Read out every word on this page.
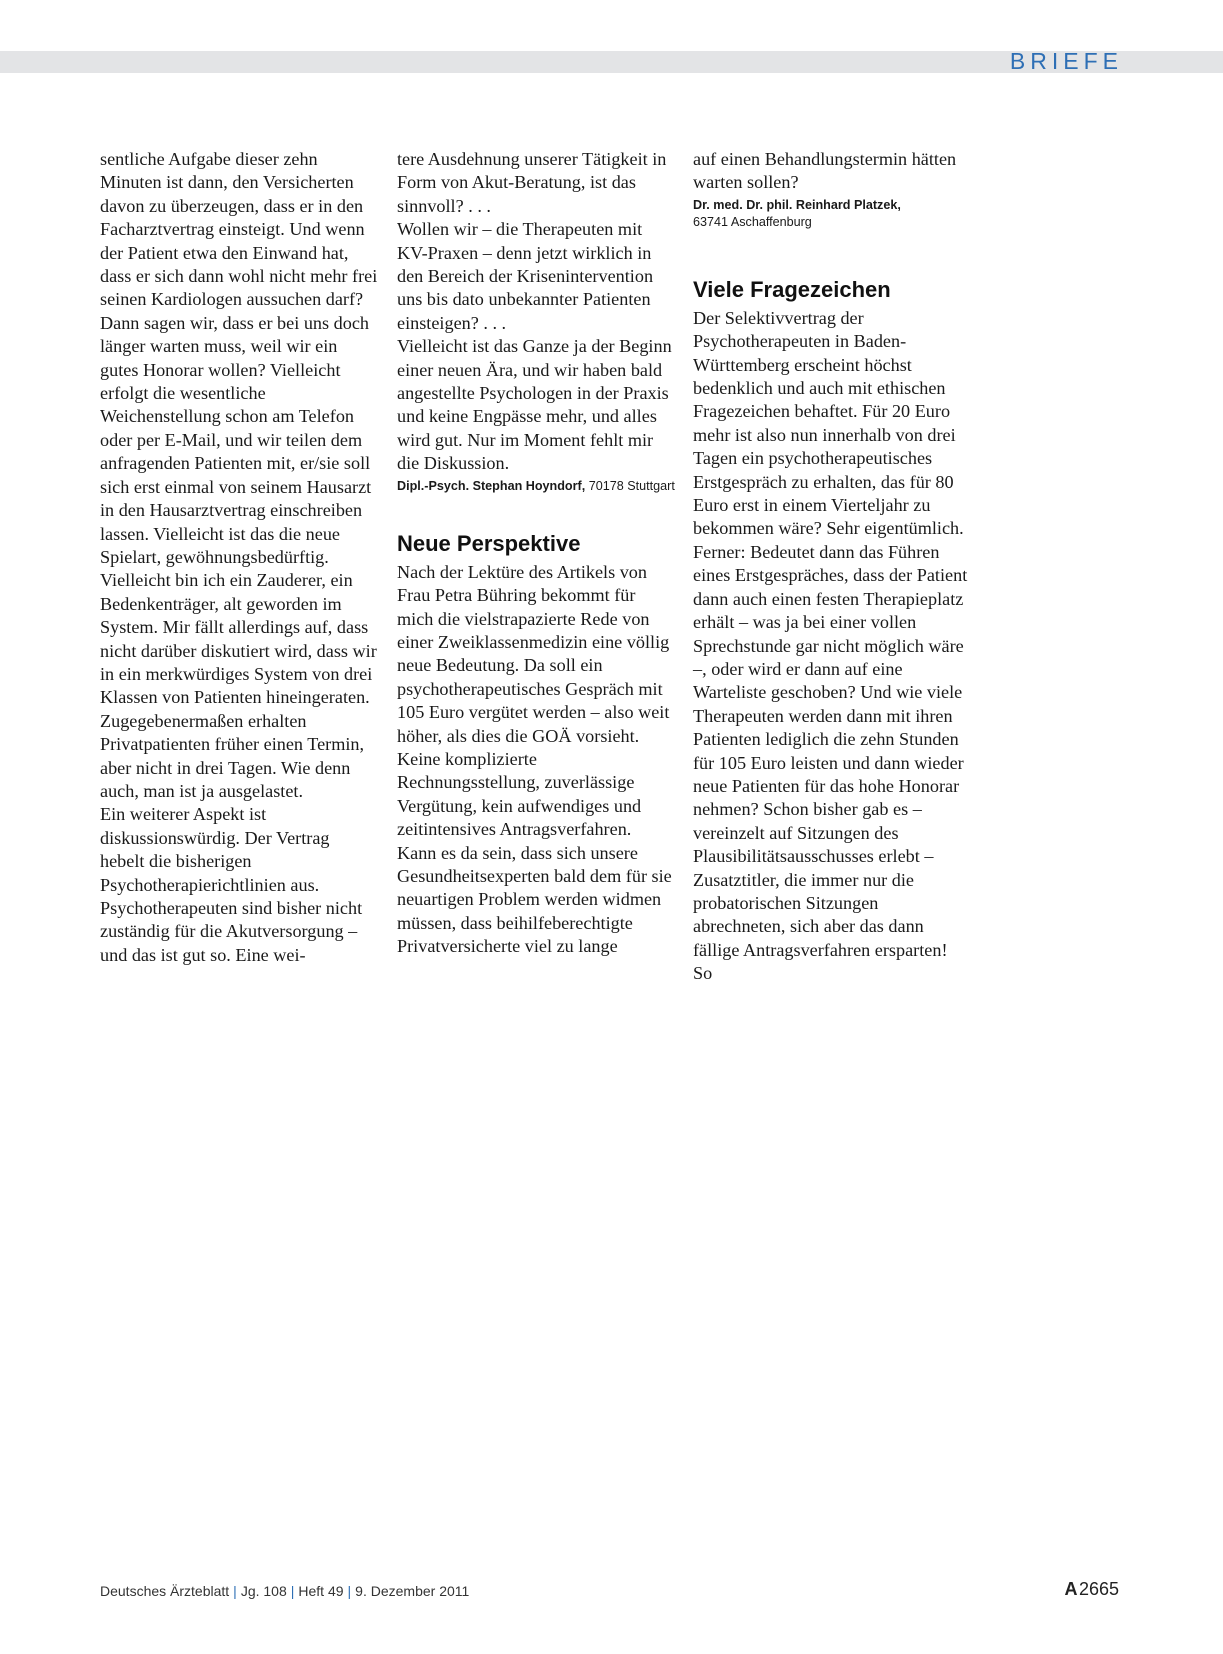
BRIEFE

sentliche Aufgabe dieser zehn Minuten ist dann, den Versicherten davon zu überzeugen, dass er in den Facharztvertrag einsteigt. Und wenn der Patient etwa den Einwand hat, dass er sich dann wohl nicht mehr frei seinen Kardiologen aussuchen darf? Dann sagen wir, dass er bei uns doch länger warten muss, weil wir ein gutes Honorar wollen? Vielleicht erfolgt die wesentliche Weichenstellung schon am Telefon oder per E-Mail, und wir teilen dem anfragenden Patienten mit, er/sie soll sich erst einmal von seinem Hausarzt in den Hausarztvertrag einschreiben lassen. Vielleicht ist das die neue Spielart, gewöhnungsbedürftig. Vielleicht bin ich ein Zauderer, ein Bedenkenträger, alt geworden im System. Mir fällt allerdings auf, dass nicht darüber diskutiert wird, dass wir in ein merkwürdiges System von drei Klassen von Patienten hineingeraten. Zugegebenermaßen erhalten Privatpatienten früher einen Termin, aber nicht in drei Tagen. Wie denn auch, man ist ja ausgelastet.

Ein weiterer Aspekt ist diskussionswürdig. Der Vertrag hebelt die bisherigen Psychotherapierichtlinien aus. Psychotherapeuten sind bisher nicht zuständig für die Akutversorgung – und das ist gut so. Eine wei-

tere Ausdehnung unserer Tätigkeit in Form von Akut-Beratung, ist das sinnvoll? . . .

Wollen wir – die Therapeuten mit KV-Praxen – denn jetzt wirklich in den Bereich der Krisenintervention uns bis dato unbekannter Patienten einsteigen? . . .

Vielleicht ist das Ganze ja der Beginn einer neuen Ära, und wir haben bald angestellte Psychologen in der Praxis und keine Engpässe mehr, und alles wird gut. Nur im Moment fehlt mir die Diskussion.

Dipl.-Psych. Stephan Hoyndorf, 70178 Stuttgart
Neue Perspektive

Nach der Lektüre des Artikels von Frau Petra Bühring bekommt für mich die vielstrapazierte Rede von einer Zweiklassenmedizin eine völlig neue Bedeutung. Da soll ein psychotherapeutisches Gespräch mit 105 Euro vergütet werden – also weit höher, als dies die GOÄ vorsieht. Keine komplizierte Rechnungsstellung, zuverlässige Vergütung, kein aufwendiges und zeitintensives Antragsverfahren.

Kann es da sein, dass sich unsere Gesundheitsexperten bald dem für sie neuartigen Problem werden widmen müssen, dass beihilfeberechtigte Privatversicherte viel zu lange

auf einen Behandlungstermin hätten warten sollen?

Dr. med. Dr. phil. Reinhard Platzek,
63741 Aschaffenburg
Viele Fragezeichen

Der Selektivvertrag der Psychotherapeuten in Baden-Württemberg erscheint höchst bedenklich und auch mit ethischen Fragezeichen behaftet. Für 20 Euro mehr ist also nun innerhalb von drei Tagen ein psychotherapeutisches Erstgespräch zu erhalten, das für 80 Euro erst in einem Vierteljahr zu bekommen wäre? Sehr eigentümlich. Ferner: Bedeutet dann das Führen eines Erstgespräches, dass der Patient dann auch einen festen Therapieplatz erhält – was ja bei einer vollen Sprechstunde gar nicht möglich wäre –, oder wird er dann auf eine Warteliste geschoben? Und wie viele Therapeuten werden dann mit ihren Patienten lediglich die zehn Stunden für 105 Euro leisten und dann wieder neue Patienten für das hohe Honorar nehmen? Schon bisher gab es – vereinzelt auf Sitzungen des Plausibilitätsausschusses erlebt – Zusatztitler, die immer nur die probatorischen Sitzungen abrechneten, sich aber das dann fällige Antragsverfahren ersparten! So

Deutsches Ärzteblatt | Jg. 108 | Heft 49 | 9. Dezember 2011	A 2665
